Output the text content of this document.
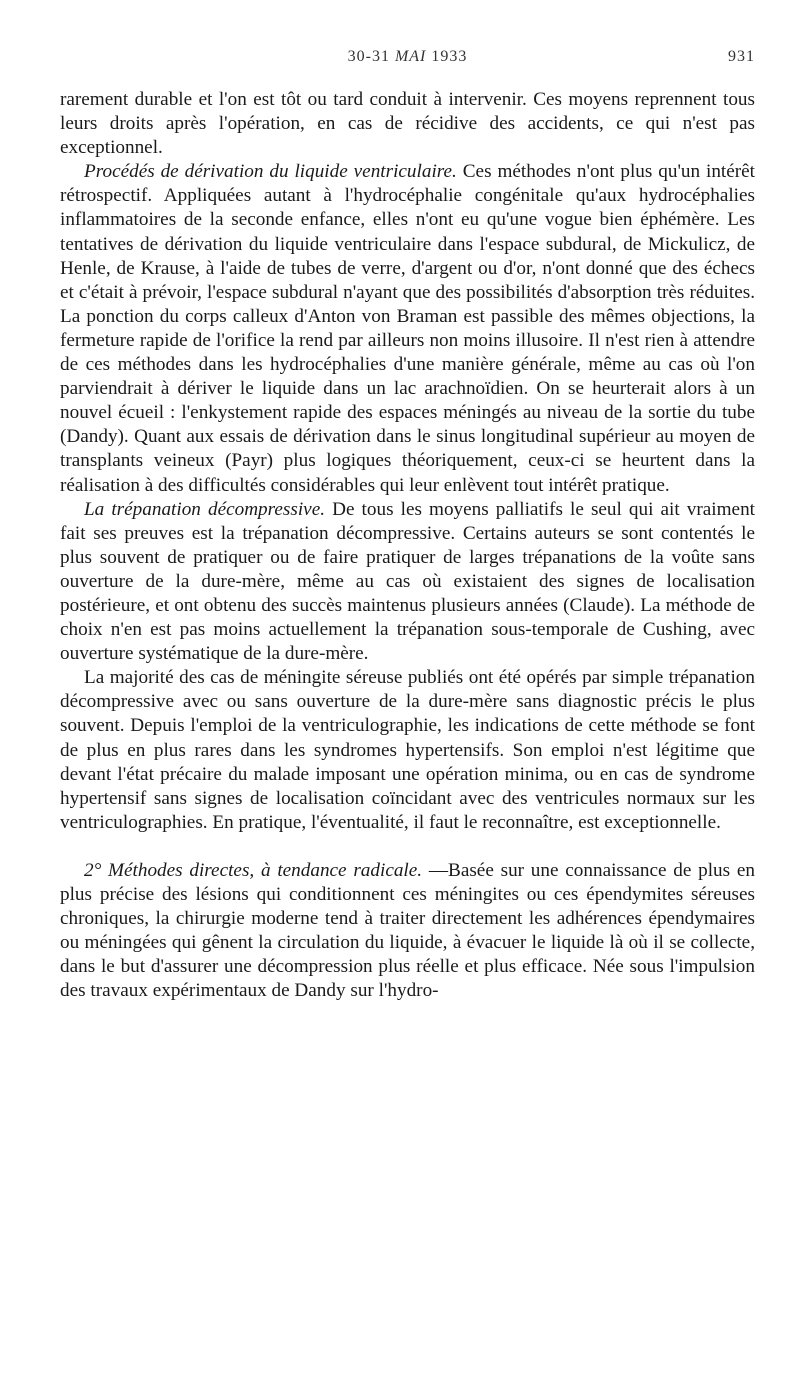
30-31 MAI 1933	931

rarement durable et l'on est tôt ou tard conduit à intervenir. Ces moyens reprennent tous leurs droits après l'opération, en cas de récidive des accidents, ce qui n'est pas exceptionnel.

Procédés de dérivation du liquide ventriculaire. Ces méthodes n'ont plus qu'un intérêt rétrospectif. Appliquées autant à l'hydrocéphalie congénitale qu'aux hydrocéphalies inflammatoires de la seconde enfance, elles n'ont eu qu'une vogue bien éphémère. Les tentatives de dérivation du liquide ventriculaire dans l'espace subdural, de Mickulicz, de Henle, de Krause, à l'aide de tubes de verre, d'argent ou d'or, n'ont donné que des échecs et c'était à prévoir, l'espace subdural n'ayant que des possibilités d'absorption très réduites. La ponction du corps calleux d'Anton von Braman est passible des mêmes objections, la fermeture rapide de l'orifice la rend par ailleurs non moins illusoire. Il n'est rien à attendre de ces méthodes dans les hydrocéphalies d'une manière générale, même au cas où l'on parviendrait à dériver le liquide dans un lac arachnoïdien. On se heurterait alors à un nouvel écueil : l'enkystement rapide des espaces méningés au niveau de la sortie du tube (Dandy). Quant aux essais de dérivation dans le sinus longitudinal supérieur au moyen de transplants veineux (Payr) plus logiques théoriquement, ceux-ci se heurtent dans la réalisation à des difficultés considérables qui leur enlèvent tout intérêt pratique.

La trépanation décompressive. De tous les moyens palliatifs le seul qui ait vraiment fait ses preuves est la trépanation décompressive. Certains auteurs se sont contentés le plus souvent de pratiquer ou de faire pratiquer de larges trépanations de la voûte sans ouverture de la dure-mère, même au cas où existaient des signes de localisation postérieure, et ont obtenu des succès maintenus plusieurs années (Claude). La méthode de choix n'en est pas moins actuellement la trépanation sous-temporale de Cushing, avec ouverture systématique de la dure-mère.

La majorité des cas de méningite séreuse publiés ont été opérés par simple trépanation décompressive avec ou sans ouverture de la dure-mère sans diagnostic précis le plus souvent. Depuis l'emploi de la ventriculographie, les indications de cette méthode se font de plus en plus rares dans les syndromes hypertensifs. Son emploi n'est légitime que devant l'état précaire du malade imposant une opération minima, ou en cas de syndrome hypertensif sans signes de localisation coïncidant avec des ventricules normaux sur les ventriculographies. En pratique, l'éventualité, il faut le reconnaître, est exceptionnelle.

2° Méthodes directes, à tendance radicale. —Basée sur une connaissance de plus en plus précise des lésions qui conditionnent ces méningites ou ces épendymites séreuses chroniques, la chirurgie moderne tend à traiter directement les adhérences épendymaires ou méningées qui gênent la circulation du liquide, à évacuer le liquide là où il se collecte, dans le but d'assurer une décompression plus réelle et plus efficace. Née sous l'impulsion des travaux expérimentaux de Dandy sur l'hydro-
